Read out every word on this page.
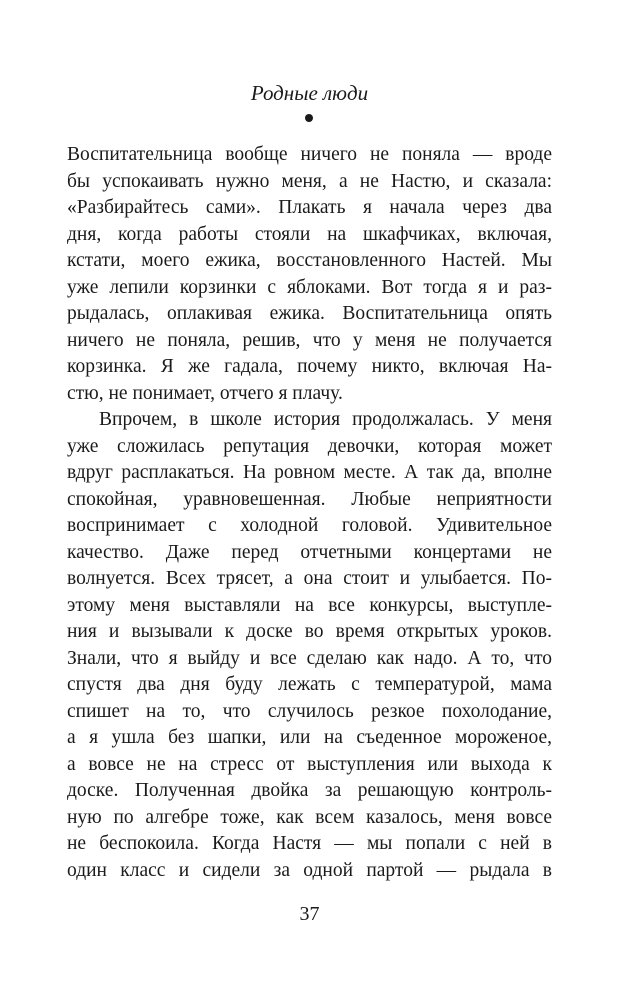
Родные люди
Воспитательница вообще ничего не поняла — вроде
бы успокаивать нужно меня, а не Настю, и сказала:
«Разбирайтесь сами». Плакать я начала через два
дня, когда работы стояли на шкафчиках, включая,
кстати, моего ежика, восстановленного Настей. Мы
уже лепили корзинки с яблоками. Вот тогда я и раз-
рыдалась, оплакивая ежика. Воспитательница опять
ничего не поняла, решив, что у меня не получается
корзинка. Я же гадала, почему никто, включая На-
стю, не понимает, отчего я плачу.
Впрочем, в школе история продолжалась. У меня
уже сложилась репутация девочки, которая может
вдруг расплакаться. На ровном месте. А так да, вполне
спокойная, уравновешенная. Любые неприятности
воспринимает с холодной головой. Удивительное
качество. Даже перед отчетными концертами не
волнуется. Всех трясет, а она стоит и улыбается. По-
этому меня выставляли на все конкурсы, выступле-
ния и вызывали к доске во время открытых уроков.
Знали, что я выйду и все сделаю как надо. А то, что
спустя два дня буду лежать с температурой, мама
спишет на то, что случилось резкое похолодание,
а я ушла без шапки, или на съеденное мороженое,
а вовсе не на стресс от выступления или выхода к
доске. Полученная двойка за решающую контроль-
ную по алгебре тоже, как всем казалось, меня вовсе
не беспокоила. Когда Настя — мы попали с ней в
один класс и сидели за одной партой — рыдала в
37
